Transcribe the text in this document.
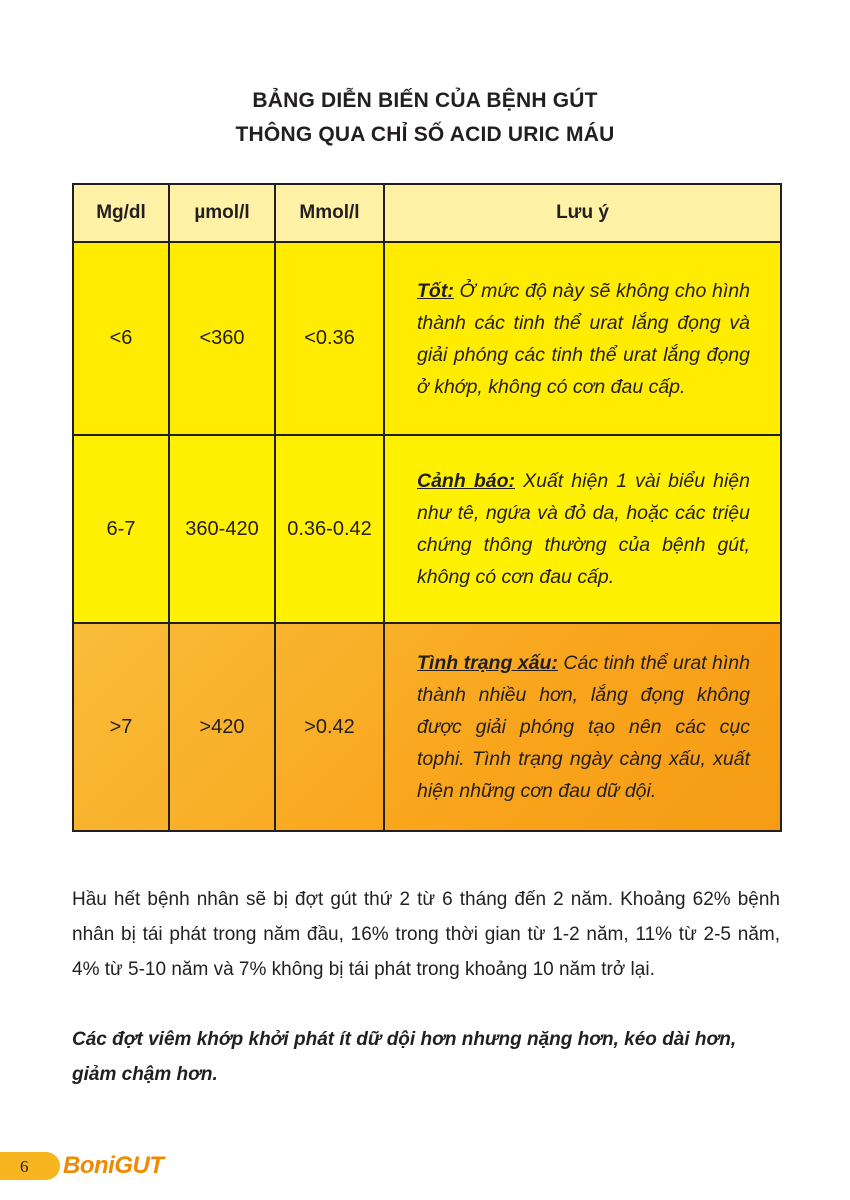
BẢNG DIỄN BIẾN CỦA BỆNH GÚT
THÔNG QUA CHỈ SỐ ACID URIC MÁU
Mg/dl	µmol/l	Mmol/l	Lưu ý
<6	<360	<0.36	Tốt: Ở mức độ này sẽ không cho hình thành các tinh thể urat lắng đọng và giải phóng các tinh thể urat lắng đọng ở khớp, không có cơn đau cấp.
6-7	360-420	0.36-0.42	Cảnh báo: Xuất hiện 1 vài biểu hiện như tê, ngứa và đỏ da, hoặc các triệu chứng thông thường của bệnh gút, không có cơn đau cấp.
>7	>420	>0.42	Tình trạng xấu: Các tinh thể urat hình thành nhiều hơn, lắng đọng không được giải phóng tạo nên các cục tophi. Tình trạng ngày càng xấu, xuất hiện những cơn đau dữ dội.

Hầu hết bệnh nhân sẽ bị đợt gút thứ 2 từ 6 tháng đến 2 năm. Khoảng 62% bệnh nhân bị tái phát trong năm đầu, 16% trong thời gian từ 1-2 năm, 11% từ 2-5 năm, 4% từ 5-10 năm và 7% không bị tái phát trong khoảng 10 năm trở lại.

Các đợt viêm khớp khởi phát ít dữ dội hơn nhưng nặng hơn, kéo dài hơn, giảm chậm hơn.

6 BoniGUT
